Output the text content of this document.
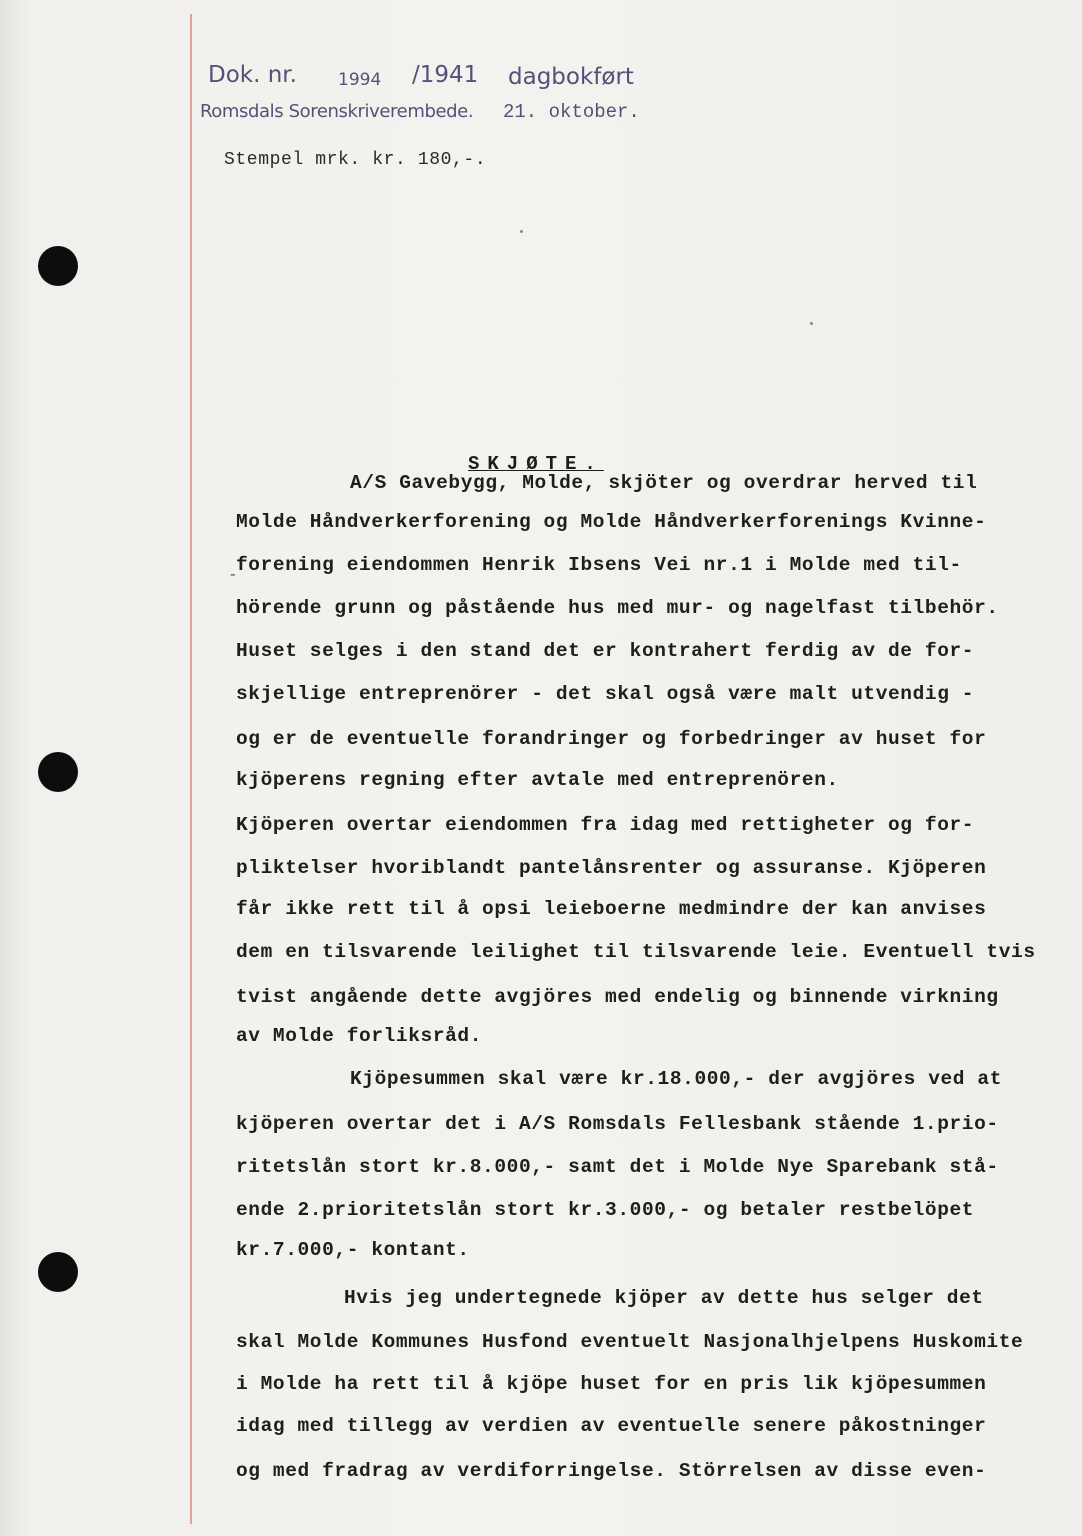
Dok. nr. 1994 /1941 dagbokført
Romsdals Sorenskriverembede. 21. oktober.
Stempel mrk. kr. 180,-.
SKJØTE.
-
A/S Gavebygg, Molde, skjöter og overdrar herved til
Molde Håndverkerforening og Molde Håndverkerforenings Kvinne-
forening eiendommen Henrik Ibsens Vei nr.1 i Molde med til-
hörende grunn og påstående hus med mur- og nagelfast tilbehör.
Huset selges i den stand det er kontrahert ferdig av de for-
skjellige entreprenörer - det skal også være malt utvendig -
og er de eventuelle forandringer og forbedringer av huset for
kjöperens regning efter avtale med entreprenören.
Kjöperen overtar eiendommen fra idag med rettigheter og for-
pliktelser hvoriblandt pantelånsrenter og assuranse. Kjöperen
får ikke rett til å opsi leieboerne medmindre der kan anvises
dem en tilsvarende leilighet til tilsvarende leie. Eventuell tvis
tvist angående dette avgjöres med endelig og binnende virkning
av Molde forliksråd.
Kjöpesummen skal være kr.18.000,- der avgjöres ved at
kjöperen overtar det i A/S Romsdals Fellesbank stående 1.prio-
ritetslån stort kr.8.000,- samt det i Molde Nye Sparebank stå-
ende 2.prioritetslån stort kr.3.000,- og betaler restbelöpet
kr.7.000,- kontant.
Hvis jeg undertegnede kjöper av dette hus selger det
skal Molde Kommunes Husfond eventuelt Nasjonalhjelpens Huskomite
i Molde ha rett til å kjöpe huset for en pris lik kjöpesummen
idag med tillegg av verdien av eventuelle senere påkostninger
og med fradrag av verdiforringelse. Störrelsen av disse even-
